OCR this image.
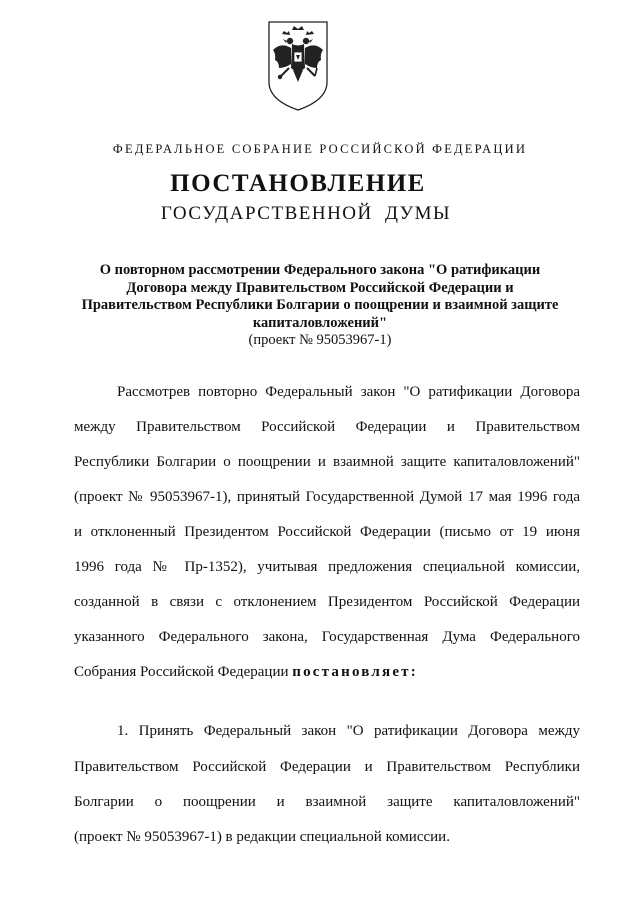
ФЕДЕРАЛЬНОЕ СОБРАНИЕ РОССИЙСКОЙ ФЕДЕРАЦИИ
ПОСТАНОВЛЕНИЕ
ГОСУДАРСТВЕННОЙ ДУМЫ
О повторном рассмотрении Федерального закона "О ратификации
Договора между Правительством Российской Федерации и
Правительством Республики Болгарии о поощрении и взаимной защите
капиталовложений"
(проект № 95053967-1)
Рассмотрев повторно Федеральный закон "О ратификации Договора
между Правительством Российской Федерации и Правительством
Республики Болгарии о поощрении и взаимной защите капиталовложений"
(проект № 95053967-1), принятый Государственной Думой 17 мая 1996 года
и отклоненный Президентом Российской Федерации (письмо от 19 июня
1996 года № Пр-1352), учитывая предложения специальной комиссии,
созданной в связи с отклонением Президентом Российской Федерации
указанного Федерального закона, Государственная Дума Федерального
Собрания Российской Федерации постановляет:
1. Принять Федеральный закон "О ратификации Договора между
Правительством Российской Федерации и Правительством Республики
Болгарии о поощрении и взаимной защите капиталовложений"
(проект № 95053967-1) в редакции специальной комиссии.
